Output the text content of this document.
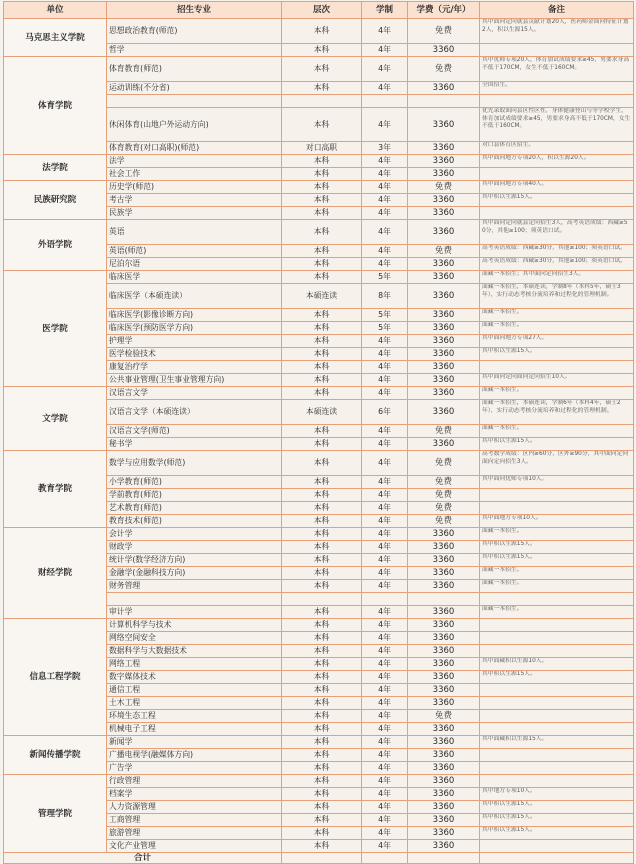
单位	招生专业	层次	学制	学费（元/年）	备注
马克思主义学院	思想政治教育(师范)	本科	4年	免费	其中面向定向就县贡献计划20人，医药师金面向特征计划2人，积以生源15人。
	哲学	本科	4年	3360	
体育学院	体育教育(师范)	本科	4年	免费	其中优师专项20人，体育加试成绩要求≥45，男要求身高不低于170CM，女生不低于160CM。
	运动训练(不分省)	本科	4年	3360	全国招生。

	休闲体育(山地户外运动方向)	本科	4年	3360	优先录取面向县区性区性，身体健康登山与等学校学生，体育加试成绩要求≥45，男要求身高不低于170CM，女生不低于160CM。
	体育教育(对口高职)(师范)	对口高职	3年	3360	对口县体育区招生。
法学院	法学	本科	4年	3360	其中面向地方专项20人，积以生源20人。
	社会工作	本科	4年	3360	
民族研究院	历史学(师范)	本科	4年	免费	其中面向地方专项40人。
	考古学	本科	4年	3360	其中积以生源15人。
	民族学	本科	4年	3360	
外语学院	英语	本科	4年	3360	其中面向定向就县定向招生3人，高考英语成绩：西藏≥50分，其他≥100；须英语口试。
	英语(师范)	本科	4年	免费	高考英语成绩：西藏≥30分，其他≥100；须英语口试。
	尼泊尔语	本科	4年	3360	高考英语成绩：西藏≥30分，其他≥100；须英语口试。
医学院	临床医学	本科	5年	3360	面藏一本招生；其中面向定向招生3人。
	临床医学（本硕连读）	本硕连读	8年	3360	面藏一本招生，本硕连读，学制8年（本科5年，硕士3年），实行动态考核分流培养和过程化的管理机制。
	临床医学(影像诊断方向)	本科	5年	3360	面藏一本招生。
	临床医学(预防医学方向)	本科	5年	3360	面藏一本招生。
	护理学	本科	4年	3360	其中面向地方专项27人。
	医学检验技术	本科	4年	3360	其中积以生源15人。
	康复治疗学	本科	4年	3360	
	公共事业管理(卫生事业管理方向)	本科	4年	3360	其中面向定向面向定向招生10人。
文学院	汉语言文学	本科	4年	3360	面藏一本招生。
	汉语言文学（本硕连读）	本硕连读	6年	3360	面藏一本招生，本硕连读，学制6年（本科4年，硕士2年），实行动态考核分流培养和过程化的管理机制。
	汉语言文学(师范)	本科	4年	免费	面藏一本招生。
	秘书学	本科	4年	3360	其中积以生源15人。
教育学院	数学与应用数学(师范)	本科	4年	免费	高考数学成绩：区内≥60分，区外≥90分，其中面向定向面向定向招生3人。
	小学教育(师范)	本科	4年	免费	其中面向优师专项10人。
	学前教育(师范)	本科	4年	免费	
	艺术教育(师范)	本科	4年	免费	
	教育技术(师范)	本科	4年	免费	其中面地方专项10人。
财经学院	会计学	本科	4年	3360	面藏一本招生。
	财政学	本科	4年	3360	其中积以生源15人。
	统计学(数学经济方向)	本科	4年	3360	其中积以生源15人。
	金融学(金融科技方向)	本科	4年	3360	面藏一本招生。
	财务管理	本科	4年	3360	面藏一本招生。

	审计学	本科	4年	3360	面藏一本招生。
信息工程学院	计算机科学与技术	本科	4年	3360	
	网络空间安全	本科	4年	3360	
	数据科学与大数据技术	本科	4年	3360	
	网络工程	本科	4年	3360	其中面藏积以生源10人。
	数字媒体技术	本科	4年	3360	其中积以生源15人。
	通信工程	本科	4年	3360	
	土木工程	本科	4年	3360	
	环境生态工程	本科	4年	免费	
	机械电子工程	本科	4年	3360	
新闻传播学院	新闻学	本科	4年	3360	其中面藏积以生源15人。
	广播电视学(融媒体方向)	本科	4年	3360	
	广告学	本科	4年	3360	
管理学院	行政管理	本科	4年	3360	
	档案学	本科	4年	3360	其中地方专项10人。
	人力资源管理	本科	4年	3360	其中积以生源15人。
	工商管理	本科	4年	3360	其中积以生源15人。
	旅游管理	本科	4年	3360	其中积以生源15人。
	文化产业管理	本科	4年	3360	
合计					
